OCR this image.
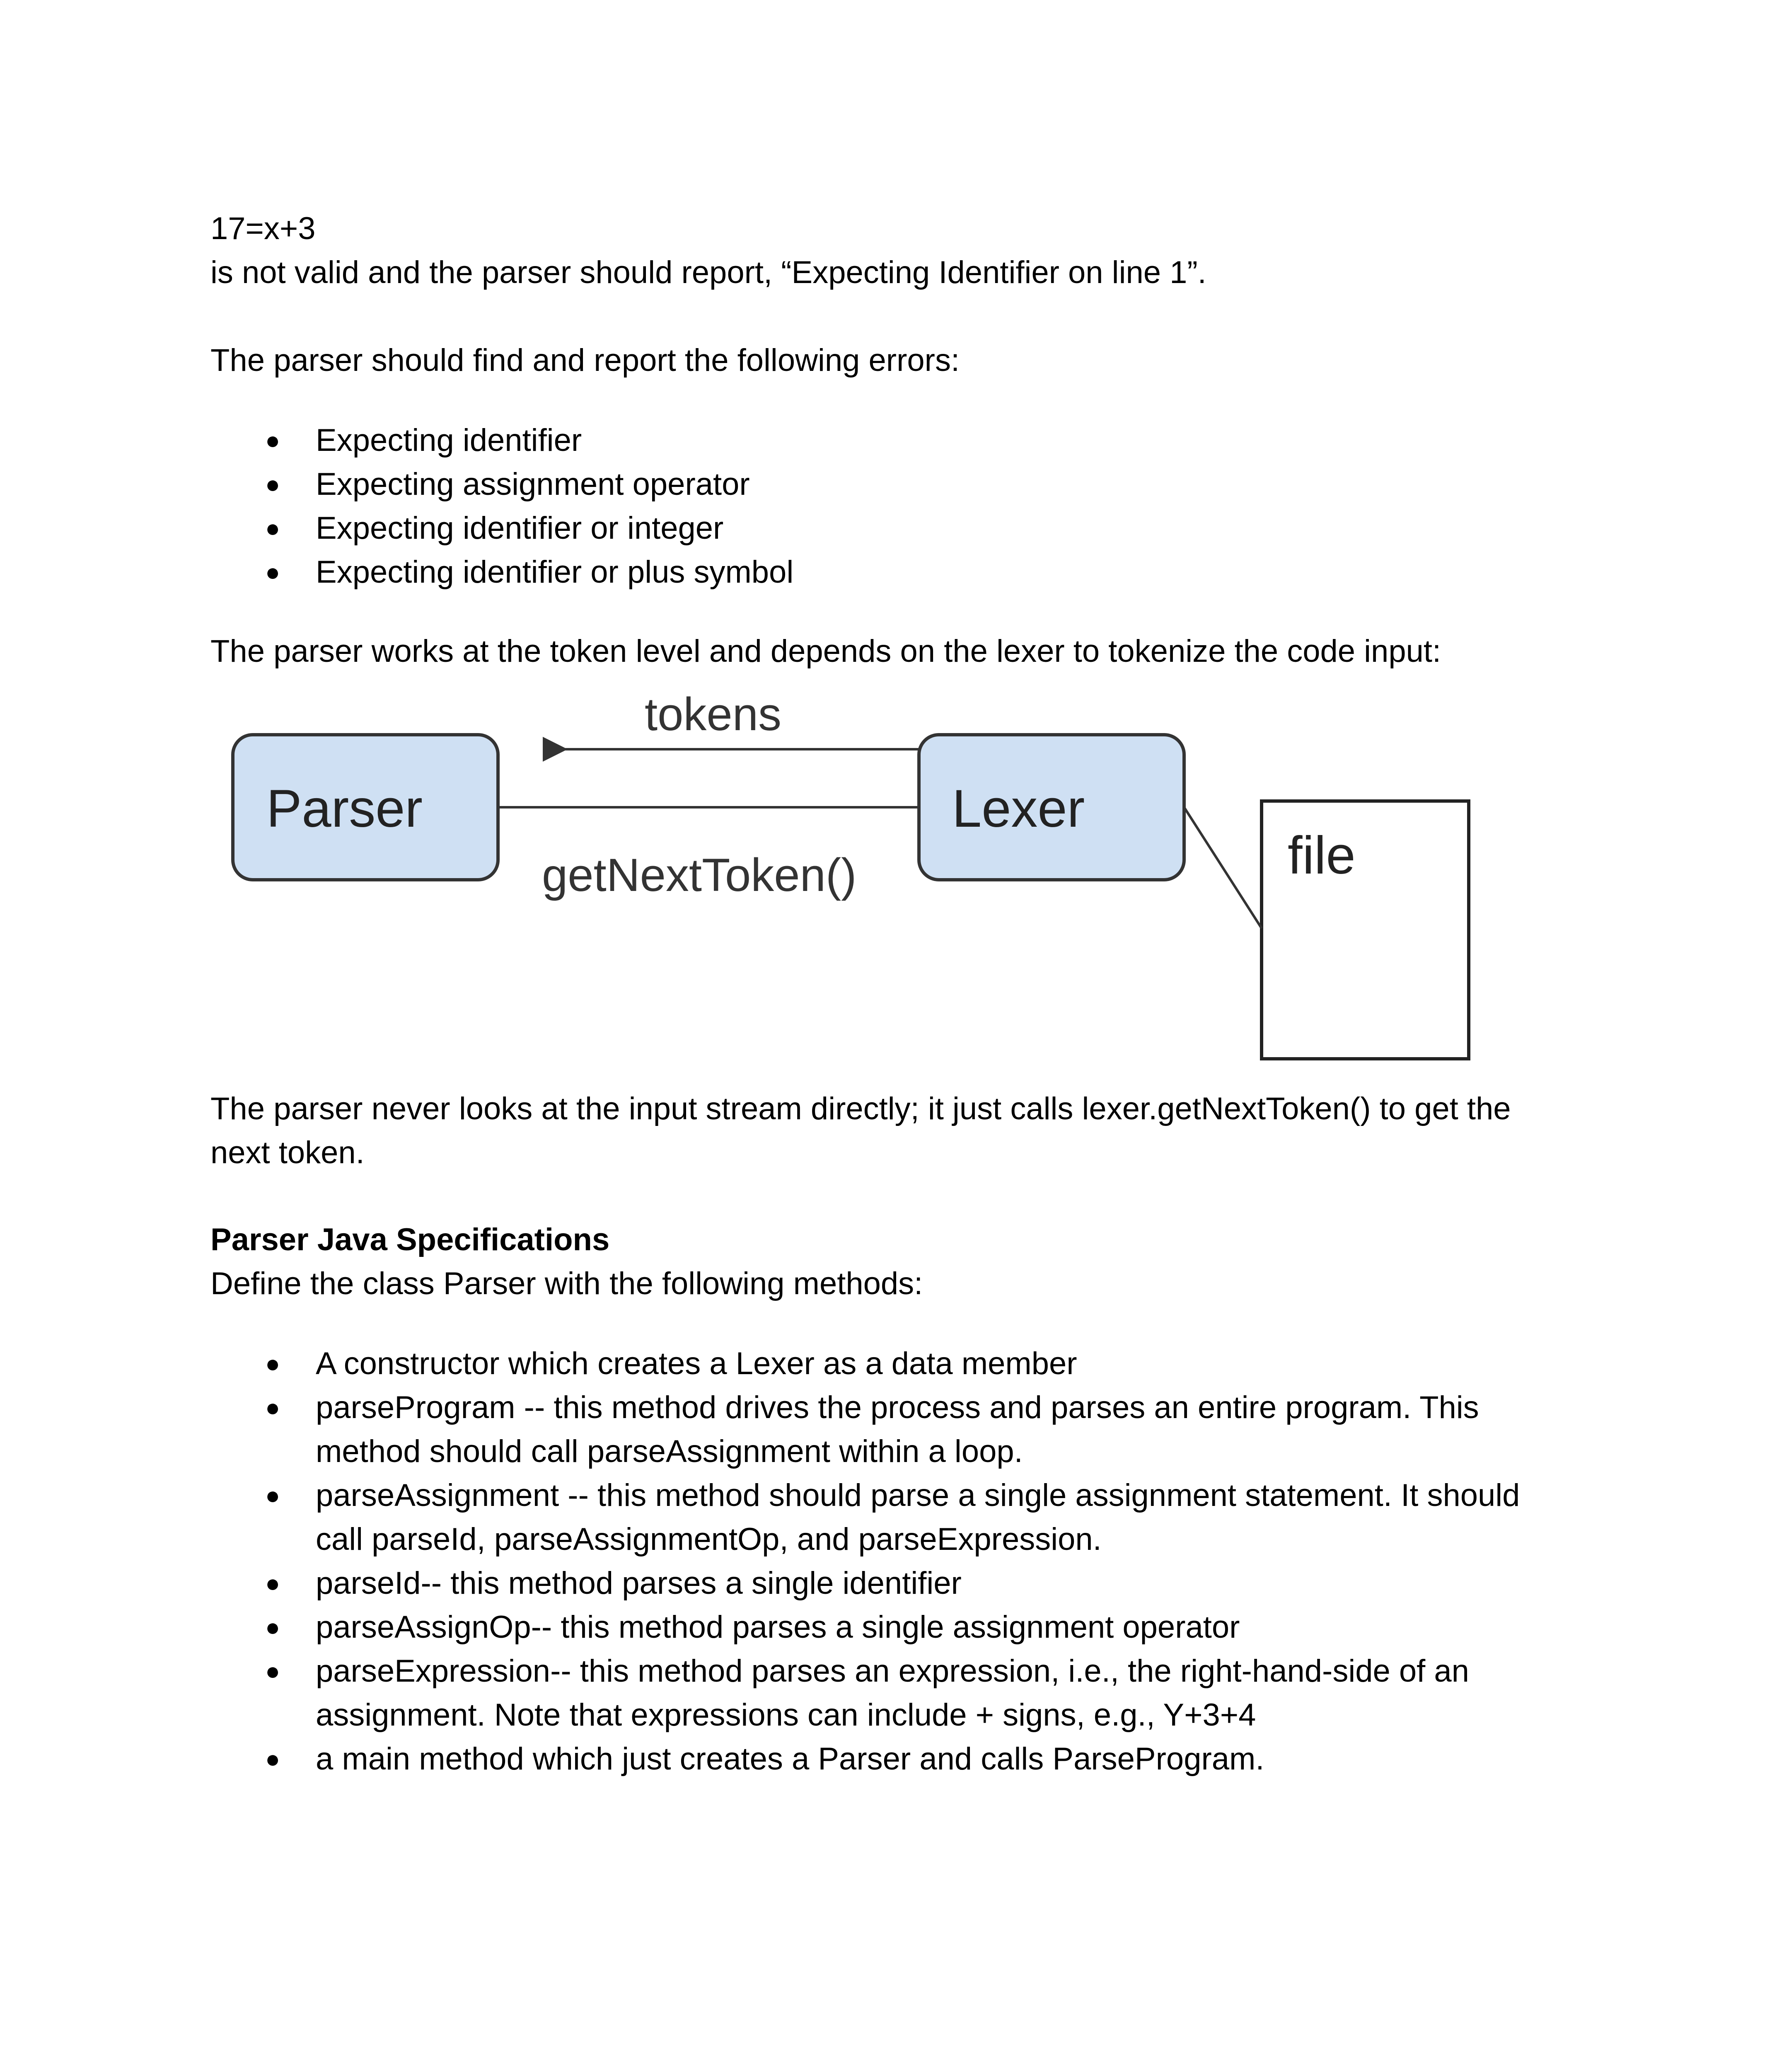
17=x+3
is not valid and the parser should report, “Expecting Identifier on line 1”.
The parser should find and report the following errors:
● Expecting identifier
● Expecting assignment operator
● Expecting identifier or integer
● Expecting identifier or plus symbol
The parser works at the token level and depends on the lexer to tokenize the code input:
Parser	Lexer
file
tokens
getNextToken()
The parser never looks at the input stream directly; it just calls lexer.getNextToken() to get the
next token.
Parser Java Specifications
Define the class Parser with the following methods:
● A constructor which creates a Lexer as a data member
● parseProgram -- this method drives the process and parses an entire program. This
method should call parseAssignment within a loop.
● parseAssignment -- this method should parse a single assignment statement. It should
call parseId, parseAssignmentOp, and parseExpression.
● parseId-- this method parses a single identifier
● parseAssignOp-- this method parses a single assignment operator
● parseExpression-- this method parses an expression, i.e., the right-hand-side of an
assignment. Note that expressions can include + signs, e.g., Y+3+4
● a main method which just creates a Parser and calls ParseProgram.
